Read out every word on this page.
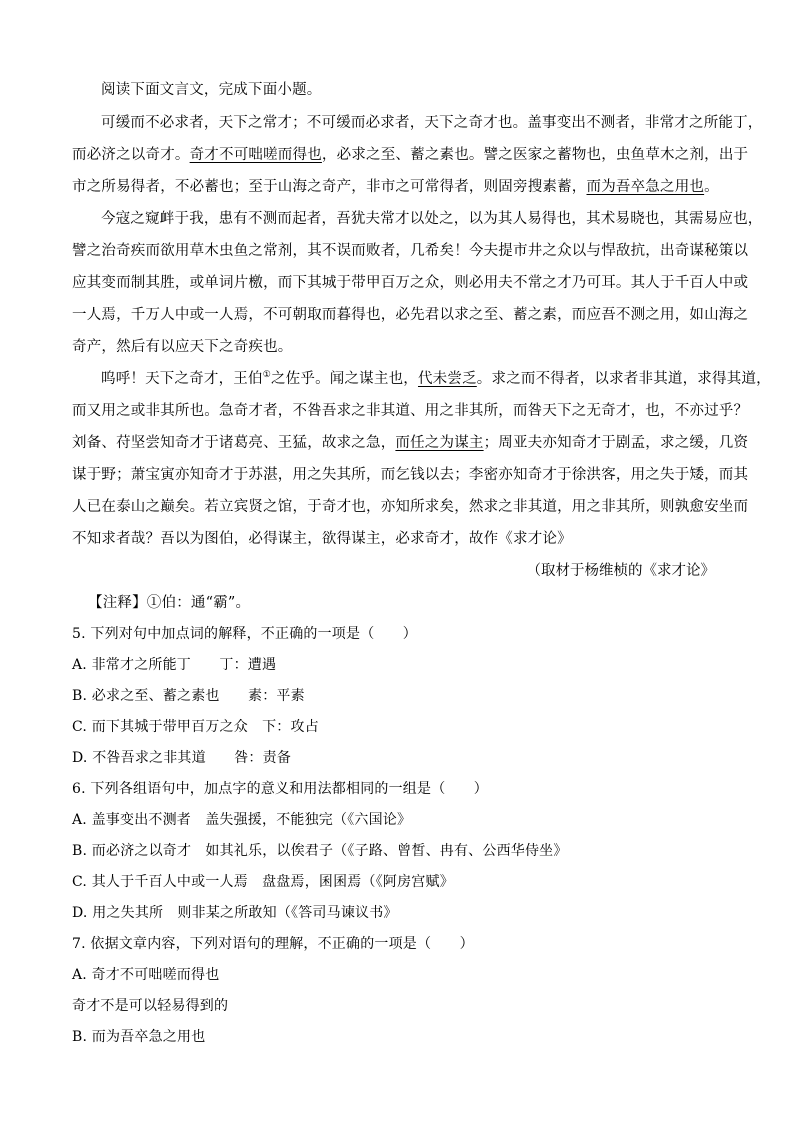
阅读下面文言文，完成下面小题。
可缓而不必求者，天下之常才；不可缓而必求者，天下之奇才也。盖事变出不测者，非常才之所能丁，
而必济之以奇才。奇才不可咄嗟而得也，必求之至、蓄之素也。譬之医家之蓄物也，虫鱼草木之剂，出于
市之所易得者，不必蓄也；至于山海之奇产，非市之可常得者，则固旁搜素蓄，而为吾卒急之用也。
今寇之窥衅于我，患有不测而起者，吾犹夫常才以处之，以为其人易得也，其术易晓也，其需易应也，
譬之治奇疾而欲用草木虫鱼之常剂，其不误而败者，几希矣！今夫提市井之众以与悍敌抗，出奇谋秘策以
应其变而制其胜，或单词片檄，而下其城于带甲百万之众，则必用夫不常之才乃可耳。其人于千百人中或
一人焉，千万人中或一人焉，不可朝取而暮得也，必先君以求之至、蓄之素，而应吾不测之用，如山海之
奇产，然后有以应天下之奇疾也。
呜呼！天下之奇才，王伯①之佐乎。闻之谋主也，代未尝乏。求之而不得者，以求者非其道，求得其道，
而又用之或非其所也。急奇才者，不咎吾求之非其道、用之非其所，而咎天下之无奇才，也，不亦过乎？
刘备、苻坚尝知奇才于诸葛亮、王猛，故求之急，而任之为谋主；周亚夫亦知奇才于剧孟，求之缓，几资
谋于野；萧宝寅亦知奇才于苏湛，用之失其所，而乞钱以去；李密亦知奇才于徐洪客，用之失于矮，而其
人已在泰山之巅矣。若立宾贤之馆，于奇才也，亦知所求矣，然求之非其道，用之非其所，则孰愈安坐而
不知求者哉？吾以为图伯，必得谋主，欲得谋主，必求奇才，故作《求才论》
（取材于杨维桢的《求才论》
【注释】①伯：通“霸”。
5. 下列对句中加点词的解释，不正确的一项是（　　）
A. 非常才之所能丁　　丁：遭遇
B. 必求之至、蓄之素也　　素：平素
C. 而下其城于带甲百万之众　下：攻占
D. 不咎吾求之非其道　　咎：责备
6. 下列各组语句中，加点字的意义和用法都相同的一组是（　　）
A. 盖事变出不测者　盖失强援，不能独完（《六国论》
B. 而必济之以奇才　如其礼乐，以俟君子（《子路、曾皙、冉有、公西华侍坐》
C. 其人于千百人中或一人焉　盘盘焉，囷囷焉（《阿房宫赋》
D. 用之失其所　则非某之所敢知（《答司马谏议书》
7. 依据文章内容，下列对语句的理解，不正确的一项是（　　）
A. 奇才不可咄嗟而得也
奇才不是可以轻易得到的
B. 而为吾卒急之用也
